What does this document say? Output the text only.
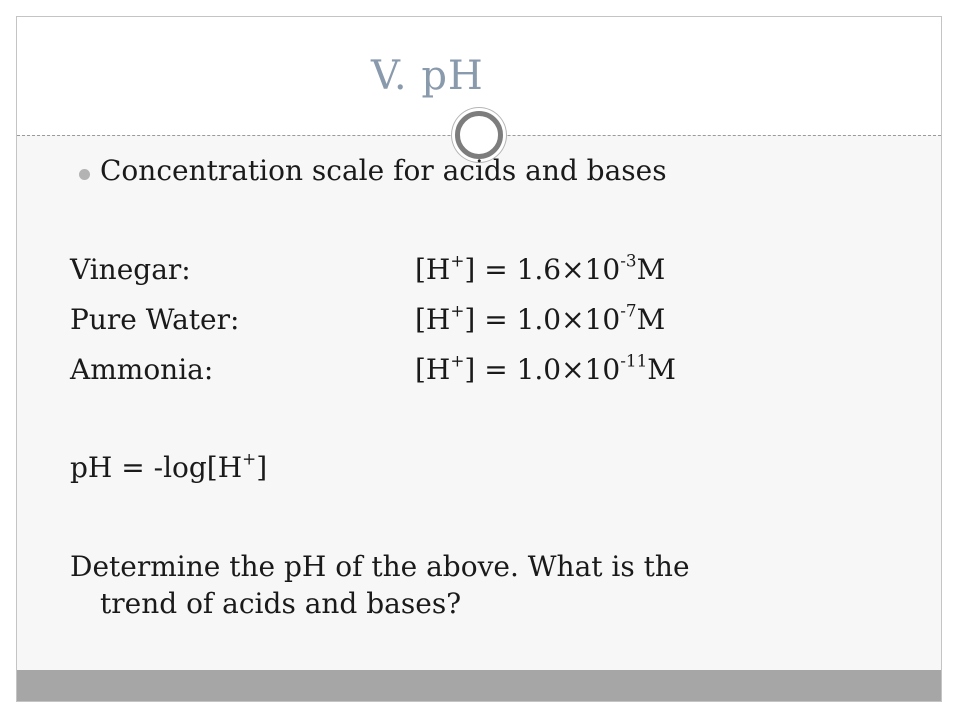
V. pH
Concentration scale for acids and bases
Vinegar:	$[H^+] = 1.6\times 10^{-3}M$
Pure Water:	$[H^+] = 1.0\times 10^{-7}M$
Ammonia:	$[H^+] = 1.0\times 10^{-11}M$
pH = -log[H+]
Determine the pH of the above. What is the
trend of acids and bases?
